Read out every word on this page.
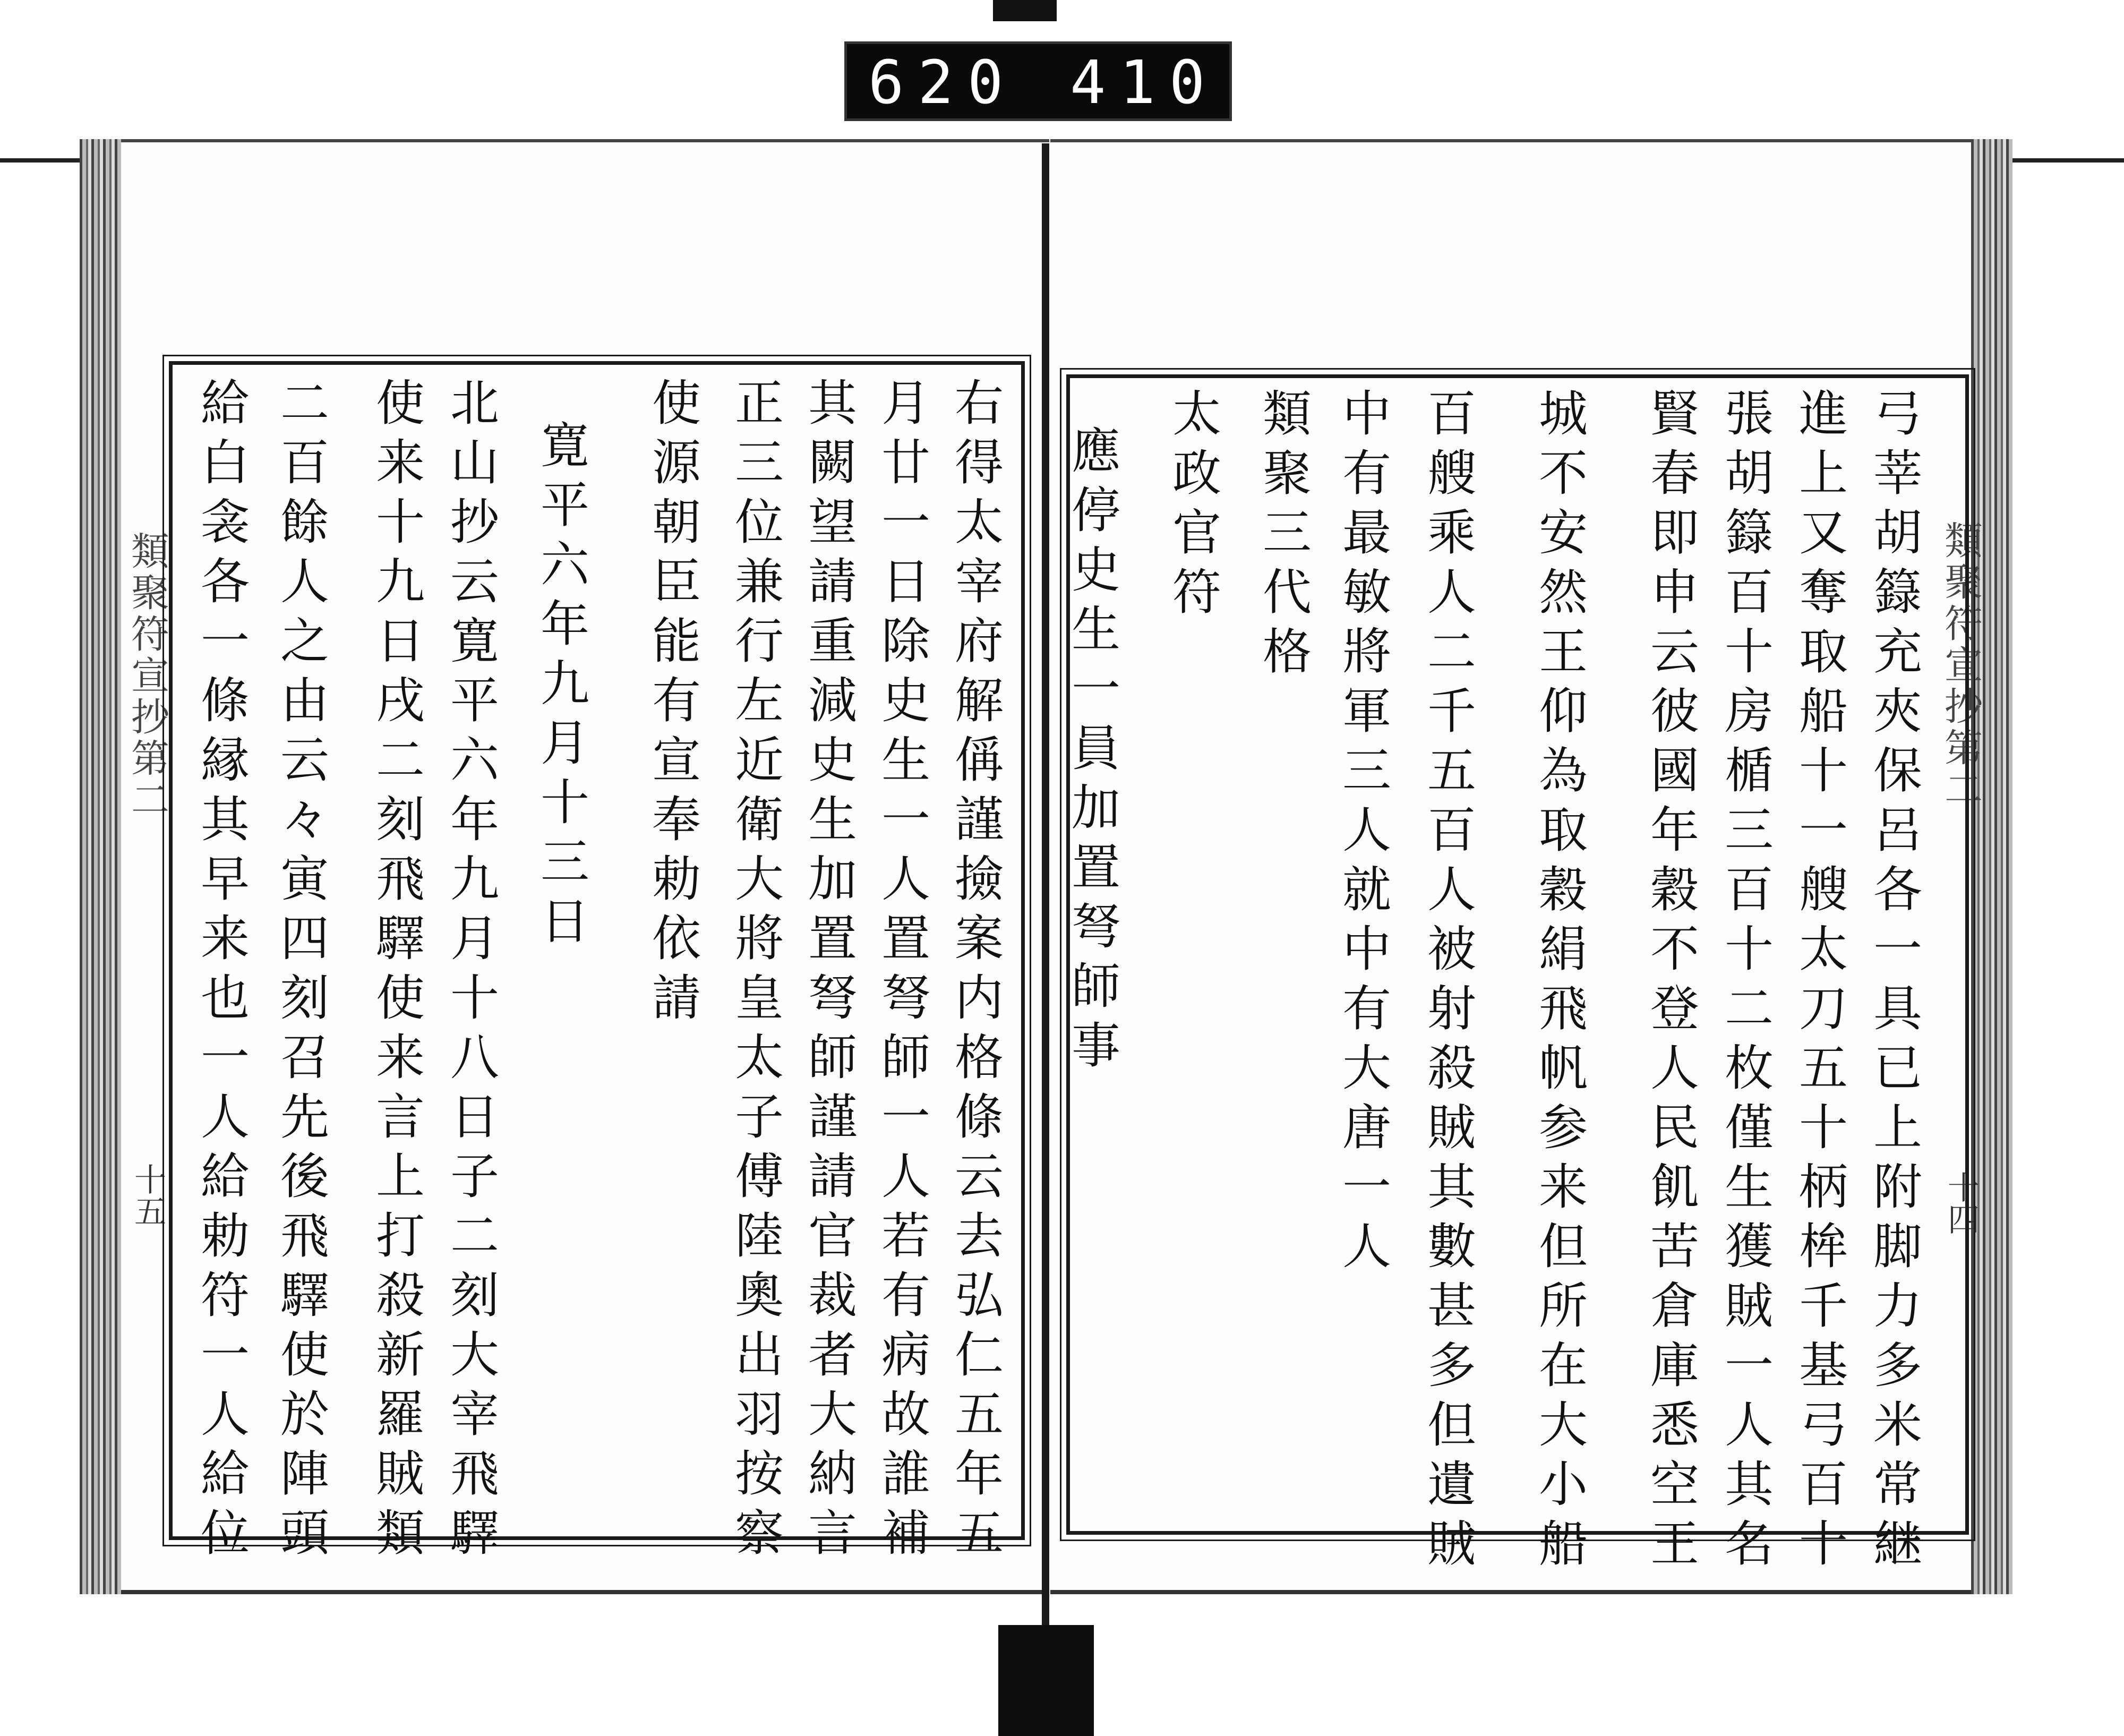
620 410.
類聚符宣抄第二
十五
類聚符宣抄第二
十四
右得太宰府解偁謹撿案内格條云去弘仁五年五
月廿一日除史生一人置弩師一人若有病故誰補
其闕望請重減史生加置弩師謹請官裁者大納言
正三位兼行左近衛大將皇太子傅陸奧出羽按察
使源朝臣能有宣奉勅依請
寛平六年九月十三日
北山抄云寛平六年九月十八日子二刻大宰飛驛
使来十九日戌二刻飛驛使来言上打殺新羅賊類
二百餘人之由云々寅四刻召先後飛驛使於陣頭
給白衾各一條縁其早来也一人給勅符一人給位	弓莘胡籙充夾保呂各一具已上附脚力多米常継
進上又奪取船十一艘太刀五十柄桙千基弓百十
張胡籙百十房楯三百十二枚僅生獲賊一人其名
賢春即申云彼國年穀不登人民飢苦倉庫悉空王
城不安然王仰為取穀絹飛帆参来但所在大小船
百艘乘人二千五百人被射殺賊其數甚多但遺賊
中有最敏將軍三人就中有大唐一人
類聚三代格
太政官符
應停史生一員加置弩師事
